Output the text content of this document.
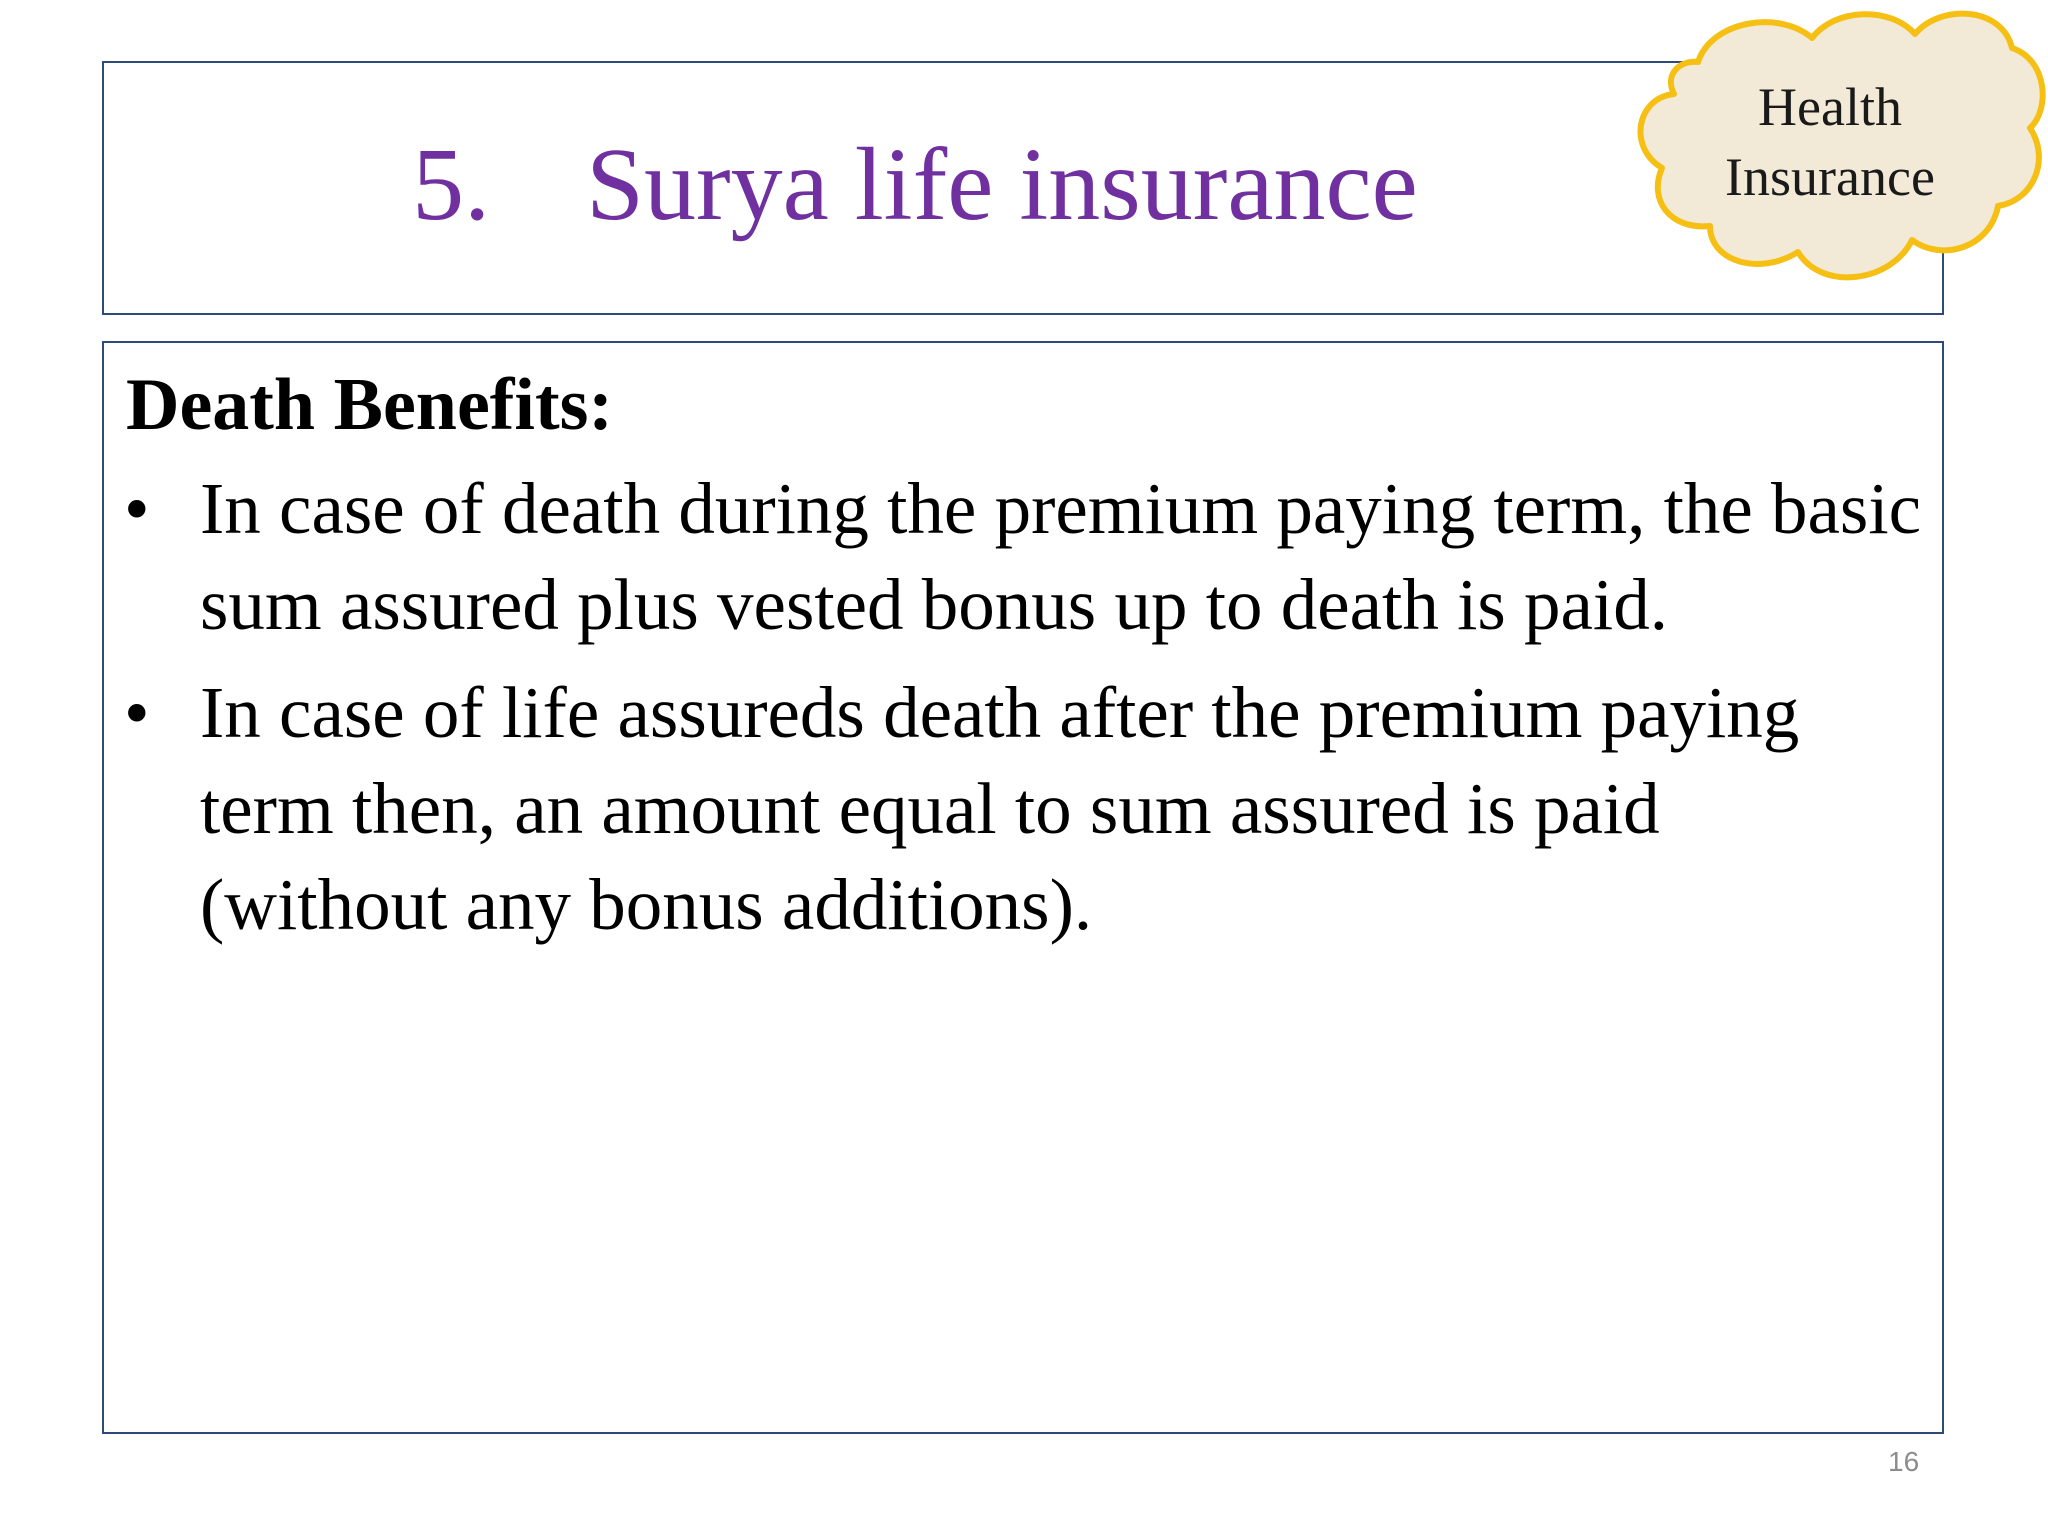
5. Surya life insurance
Health
Insurance
Death Benefits:
• In case of death during the premium paying term, the basic sum assured plus vested bonus up to death is paid.
• In case of life assureds death after the premium paying term then, an amount equal to sum assured is paid (without any bonus additions).
16
